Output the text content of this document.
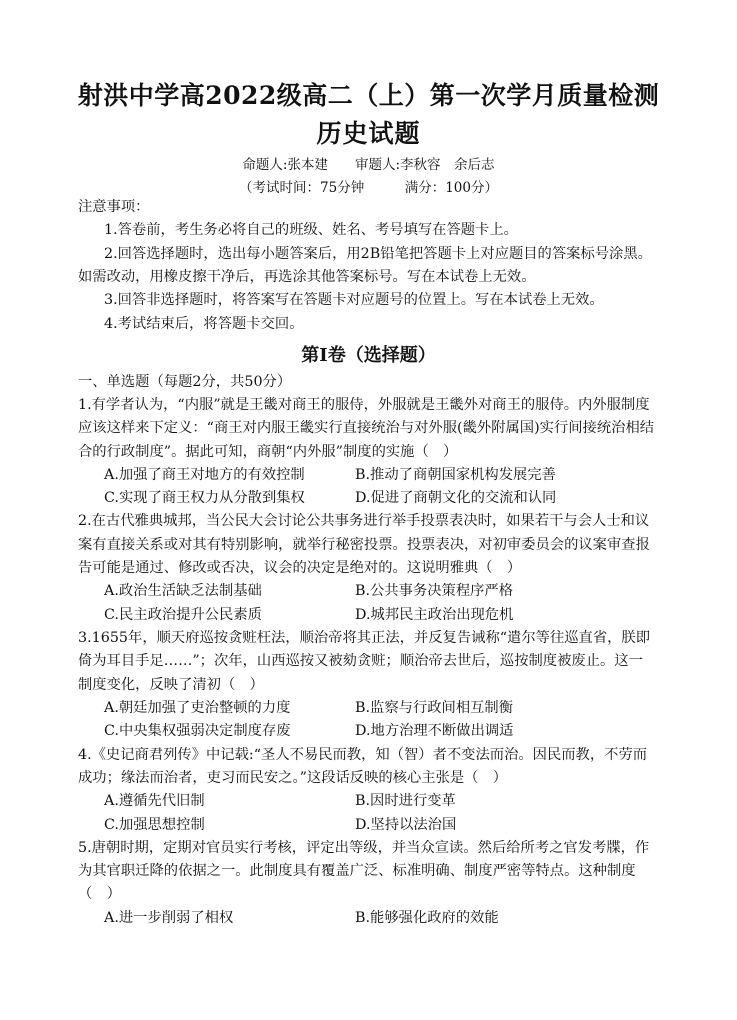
射洪中学高2022级高二（上）第一次学月质量检测
历史试题
命题人:张本建　　审题人:李秋容　余后志
（考试时间：75分钟　　　满分：100分）
注意事项：
1.答卷前，考生务必将自己的班级、姓名、考号填写在答题卡上。
2.回答选择题时，选出每小题答案后，用2B铅笔把答题卡上对应题目的答案标号涂黑。
如需改动，用橡皮擦干净后，再选涂其他答案标号。写在本试卷上无效。
3.回答非选择题时，将答案写在答题卡对应题号的位置上。写在本试卷上无效。
4.考试结束后，将答题卡交回。
第I卷（选择题）
一、单选题（每题2分，共50分）
1.有学者认为，“内服”就是王畿对商王的服侍，外服就是王畿外对商王的服侍。内外服制度
应该这样来下定义：“商王对内服王畿实行直接统治与对外服(畿外附属国)实行间接统治相结
合的行政制度”。据此可知，商朝“内外服”制度的实施（　）
A.加强了商王对地方的有效控制	B.推动了商朝国家机构发展完善
C.实现了商王权力从分散到集权	D.促进了商朝文化的交流和认同
2.在古代雅典城邦，当公民大会讨论公共事务进行举手投票表决时，如果若干与会人士和议
案有直接关系或对其有特别影响，就举行秘密投票。投票表决，对初审委员会的议案审查报
告可能是通过、修改或否决，议会的决定是绝对的。这说明雅典（　）
A.政治生活缺乏法制基础	B.公共事务决策程序严格
C.民主政治提升公民素质	D.城邦民主政治出现危机
3.1655年，顺天府巡按贪赃枉法，顺治帝将其正法，并反复告诫称“遣尔等往巡直省，朕即
倚为耳目手足……”；次年，山西巡按又被劾贪赃；顺治帝去世后，巡按制度被废止。这一
制度变化，反映了清初（　）
A.朝廷加强了吏治整顿的力度	B.监察与行政间相互制衡
C.中央集权强弱决定制度存废	D.地方治理不断做出调适
4.《史记商君列传》中记载:“圣人不易民而教，知（智）者不变法而治。因民而教，不劳而
成功；缘法而治者，吏习而民安之。”这段话反映的核心主张是（　）
A.遵循先代旧制	B.因时进行变革
C.加强思想控制	D.坚持以法治国
5.唐朝时期，定期对官员实行考核，评定出等级，并当众宣读。然后给所考之官发考牒，作
为其官职迁降的依据之一。此制度具有覆盖广泛、标准明确、制度严密等特点。这种制度
（　）
A.进一步削弱了相权	B.能够强化政府的效能
